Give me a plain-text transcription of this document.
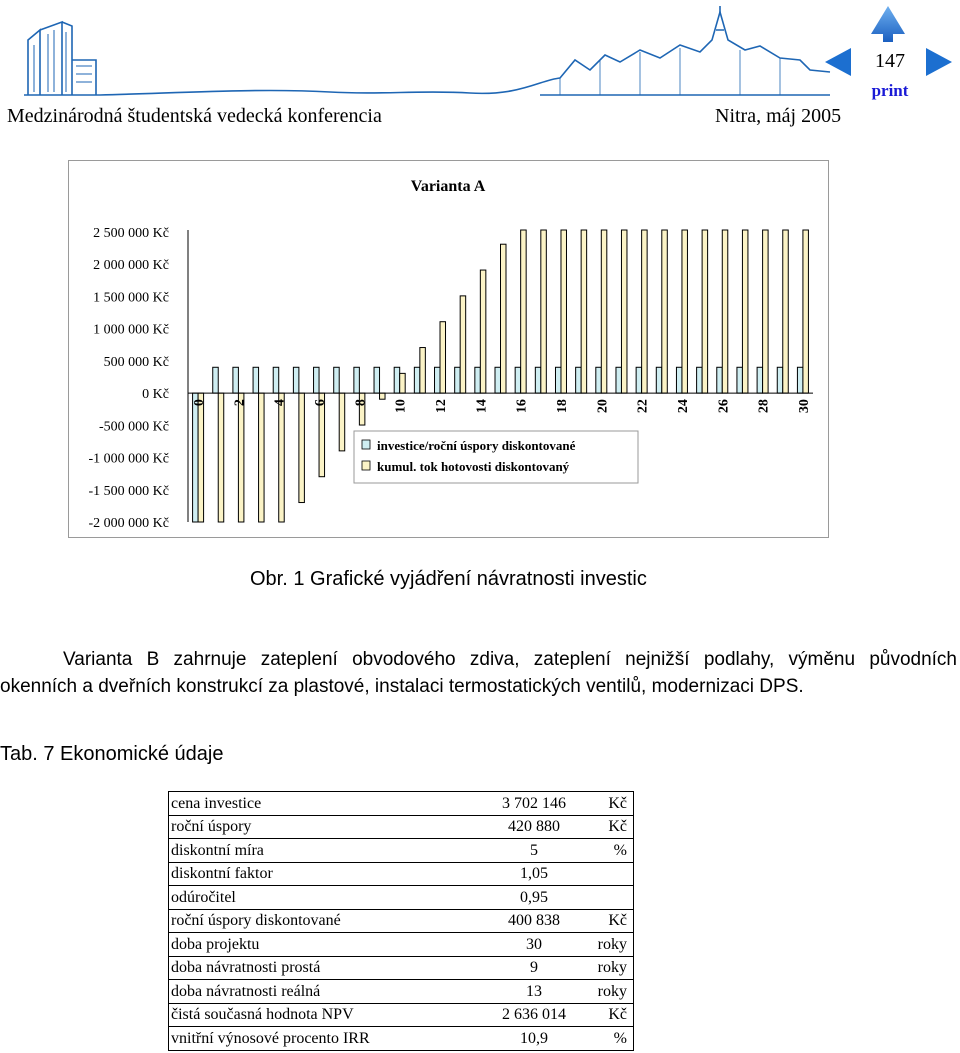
147
print
Medzinárodná študentská vedecká konferencia	Nitra, máj 2005
Varianta A
2 500 000 Kč
2 000 000 Kč
1 500 000 Kč
1 000 000 Kč
500 000 Kč
0 Kč
-500 000 Kč
-1 000 000 Kč
-1 500 000 Kč
-2 000 000 Kč
0 2 4 6 8 10 12 14 16 18 20 22 24 26 28 30
investice/roční úspory diskontované
kumul. tok hotovosti diskontovaný
Obr. 1 Grafické vyjádření návratnosti investic
Varianta B zahrnuje zateplení obvodového zdiva, zateplení nejnižší podlahy, výměnu původních
okenních a dveřních konstrukcí za plastové, instalaci termostatických ventilů, modernizaci DPS.
Tab. 7 Ekonomické údaje
cena investice	3 702 146	Kč
roční úspory	420 880	Kč
diskontní míra	5	%
diskontní faktor	1,05	
odúročitel	0,95	
roční úspory diskontované	400 838	Kč
doba projektu	30	roky
doba návratnosti prostá	9	roky
doba návratnosti reálná	13	roky
čistá současná hodnota NPV	2 636 014	Kč
vnitřní výnosové procento IRR	10,9	%
